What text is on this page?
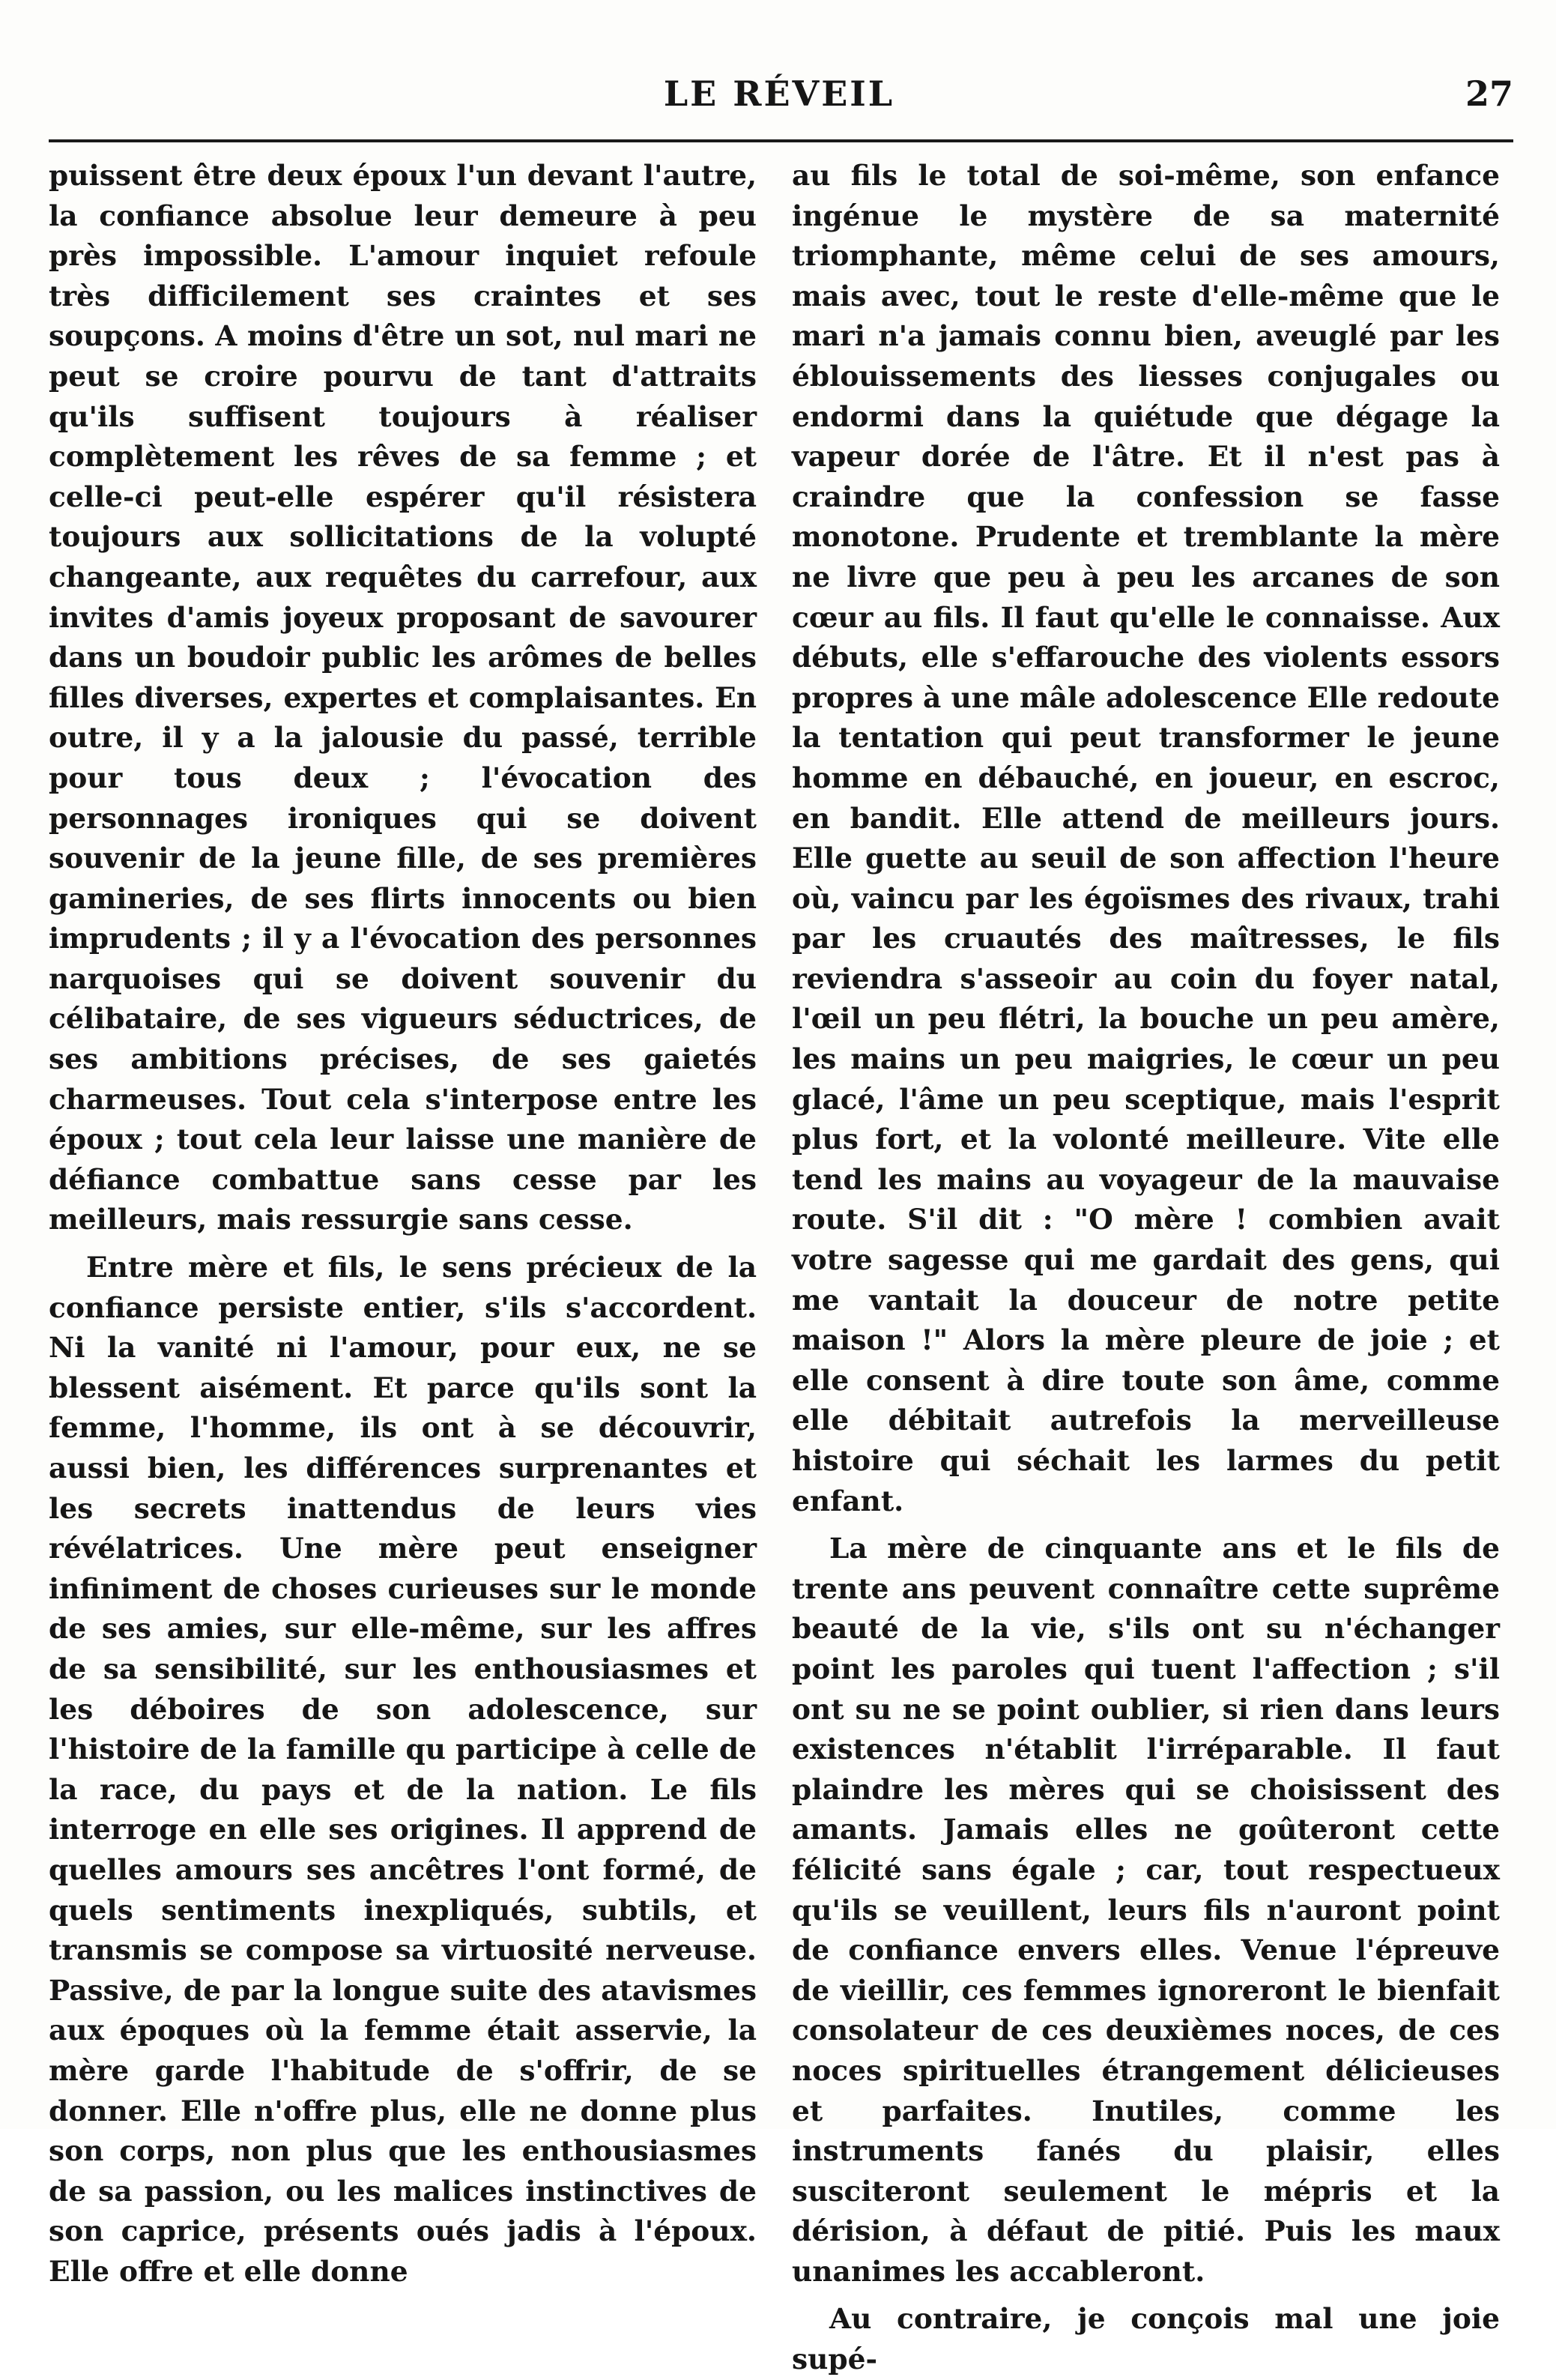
LE RÉVEIL	27

puissent être deux époux l'un devant l'autre, la confiance absolue leur demeure à peu près impossible. L'amour inquiet refoule très difficilement ses craintes et ses soupçons. A moins d'être un sot, nul mari ne peut se croire pourvu de tant d'attraits qu'ils suffisent toujours à réaliser complètement les rêves de sa femme ; et celle-ci peut-elle espérer qu'il résistera toujours aux sollicitations de la volupté changeante, aux requêtes du carrefour, aux invites d'amis joyeux proposant de savourer dans un boudoir public les arômes de belles filles diverses, expertes et complaisantes. En outre, il y a la jalousie du passé, terrible pour tous deux ; l'évocation des personnages ironiques qui se doivent souvenir de la jeune fille, de ses premières gamineries, de ses flirts innocents ou bien imprudents ; il y a l'évocation des personnes narquoises qui se doivent souvenir du célibataire, de ses vigueurs séductrices, de ses ambitions précises, de ses gaietés charmeuses. Tout cela s'interpose entre les époux ; tout cela leur laisse une manière de défiance combattue sans cesse par les meilleurs, mais ressurgie sans cesse.

Entre mère et fils, le sens précieux de la confiance persiste entier, s'ils s'accordent. Ni la vanité ni l'amour, pour eux, ne se blessent aisément. Et parce qu'ils sont la femme, l'homme, ils ont à se découvrir, aussi bien, les différences surprenantes et les secrets inattendus de leurs vies révélatrices. Une mère peut enseigner infiniment de choses curieuses sur le monde de ses amies, sur elle-même, sur les affres de sa sensibilité, sur les enthousiasmes et les déboires de son adolescence, sur l'histoire de la famille qu participe à celle de la race, du pays et de la nation. Le fils interroge en elle ses origines. Il apprend de quelles amours ses ancêtres l'ont formé, de quels sentiments inexpliqués, subtils, et transmis se compose sa virtuosité nerveuse. Passive, de par la longue suite des atavismes aux époques où la femme était asservie, la mère garde l'habitude de s'offrir, de se donner. Elle n'offre plus, elle ne donne plus son corps, non plus que les enthousiasmes de sa passion, ou les malices instinctives de son caprice, présents oués jadis à l'époux. Elle offre et elle donne

au fils le total de soi-même, son enfance ingénue le mystère de sa maternité triomphante, même celui de ses amours, mais avec, tout le reste d'elle-même que le mari n'a jamais connu bien, aveuglé par les éblouissements des liesses conjugales ou endormi dans la quiétude que dégage la vapeur dorée de l'âtre. Et il n'est pas à craindre que la confession se fasse monotone. Prudente et tremblante la mère ne livre que peu à peu les arcanes de son cœur au fils. Il faut qu'elle le connaisse. Aux débuts, elle s'effarouche des violents essors propres à une mâle adolescence Elle redoute la tentation qui peut transformer le jeune homme en débauché, en joueur, en escroc, en bandit. Elle attend de meilleurs jours. Elle guette au seuil de son affection l'heure où, vaincu par les égoïsmes des rivaux, trahi par les cruautés des maîtresses, le fils reviendra s'asseoir au coin du foyer natal, l'œil un peu flétri, la bouche un peu amère, les mains un peu maigries, le cœur un peu glacé, l'âme un peu sceptique, mais l'esprit plus fort, et la volonté meilleure. Vite elle tend les mains au voyageur de la mauvaise route. S'il dit : "O mère ! combien avait votre sagesse qui me gardait des gens, qui me vantait la douceur de notre petite maison !" Alors la mère pleure de joie ; et elle consent à dire toute son âme, comme elle débitait autrefois la merveilleuse histoire qui séchait les larmes du petit enfant.

La mère de cinquante ans et le fils de trente ans peuvent connaître cette suprême beauté de la vie, s'ils ont su n'échanger point les paroles qui tuent l'affection ; s'il ont su ne se point oublier, si rien dans leurs existences n'établit l'irréparable. Il faut plaindre les mères qui se choisissent des amants. Jamais elles ne goûteront cette félicité sans égale ; car, tout respectueux qu'ils se veuillent, leurs fils n'auront point de confiance envers elles. Venue l'épreuve de vieillir, ces femmes ignoreront le bienfait consolateur de ces deuxièmes noces, de ces noces spirituelles étrangement délicieuses et parfaites. Inutiles, comme les instruments fanés du plaisir, elles susciteront seulement le mépris et la dérision, à défaut de pitié. Puis les maux unanimes les accableront.

Au contraire, je conçois mal une joie supé-
